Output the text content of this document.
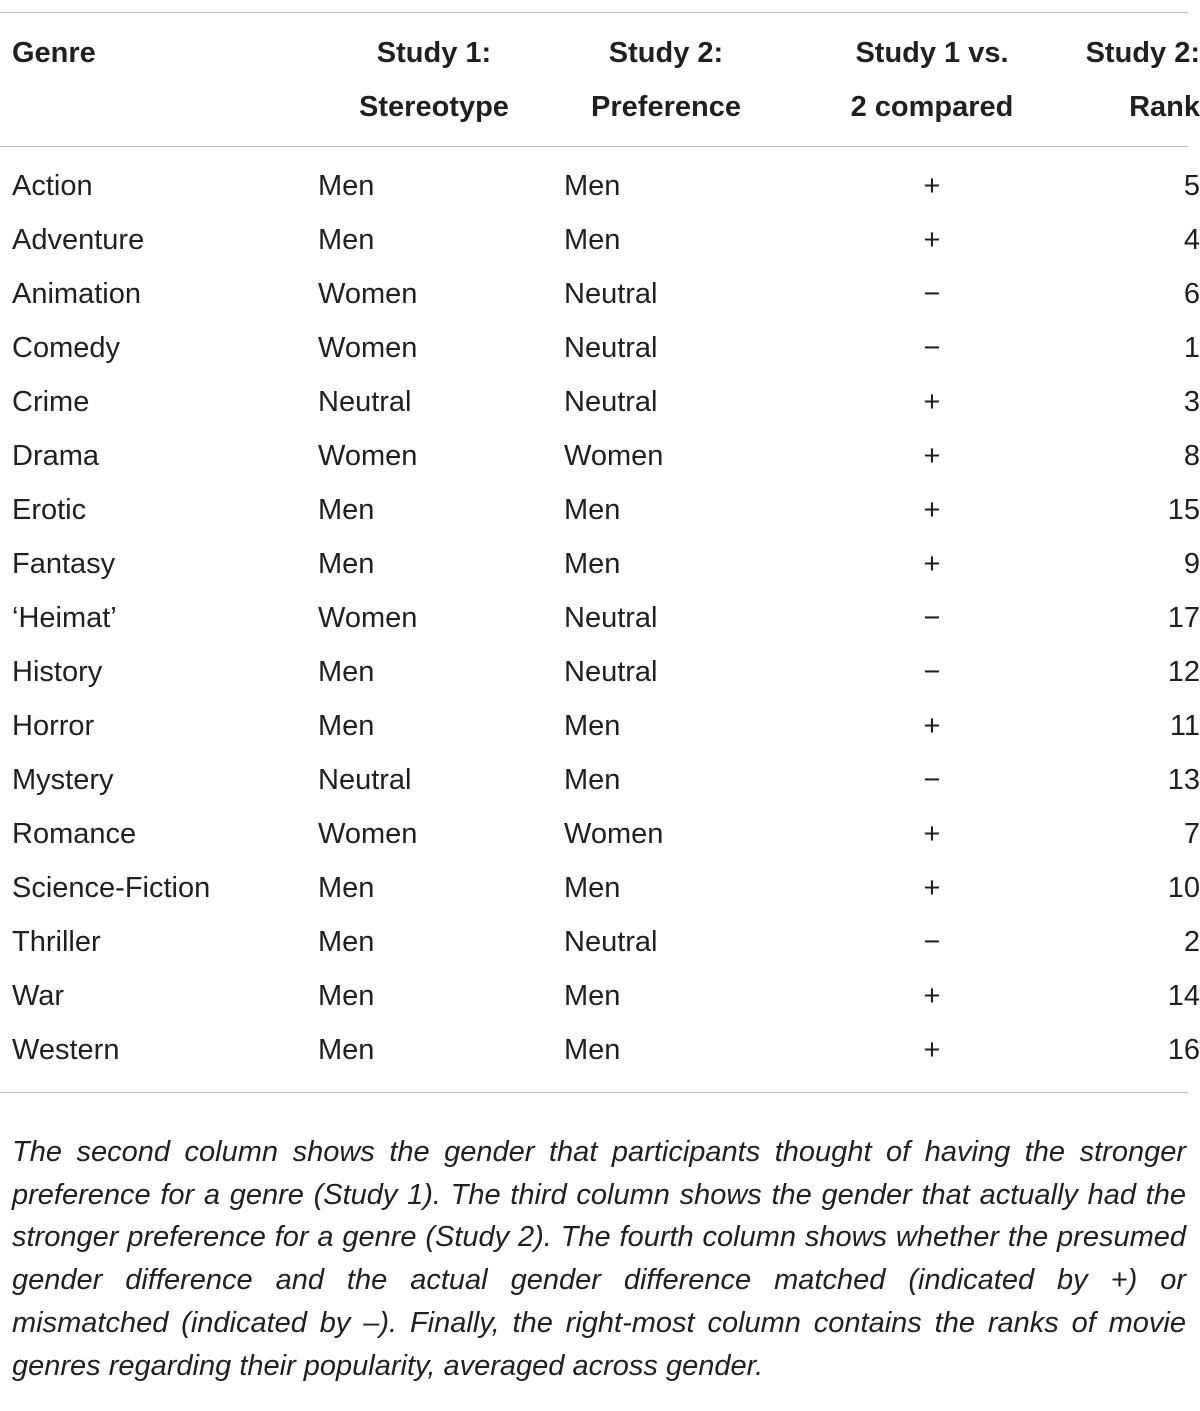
Genre	Study 1:	Study 2:	Study 1 vs.	Study 2:
	Stereotype	Preference	2 compared	Rank
Action	Men	Men	+	5
Adventure	Men	Men	+	4
Animation	Women	Neutral	−	6
Comedy	Women	Neutral	−	1
Crime	Neutral	Neutral	+	3
Drama	Women	Women	+	8
Erotic	Men	Men	+	15
Fantasy	Men	Men	+	9
‘Heimat’	Women	Neutral	−	17
History	Men	Neutral	−	12
Horror	Men	Men	+	11
Mystery	Neutral	Men	−	13
Romance	Women	Women	+	7
Science-Fiction	Men	Men	+	10
Thriller	Men	Neutral	−	2
War	Men	Men	+	14
Western	Men	Men	+	16

The second column shows the gender that participants thought of having the stronger preference for a genre (Study 1). The third column shows the gender that actually had the stronger preference for a genre (Study 2). The fourth column shows whether the presumed gender difference and the actual gender difference matched (indicated by +) or mismatched (indicated by –). Finally, the right-most column contains the ranks of movie genres regarding their popularity, averaged across gender.
